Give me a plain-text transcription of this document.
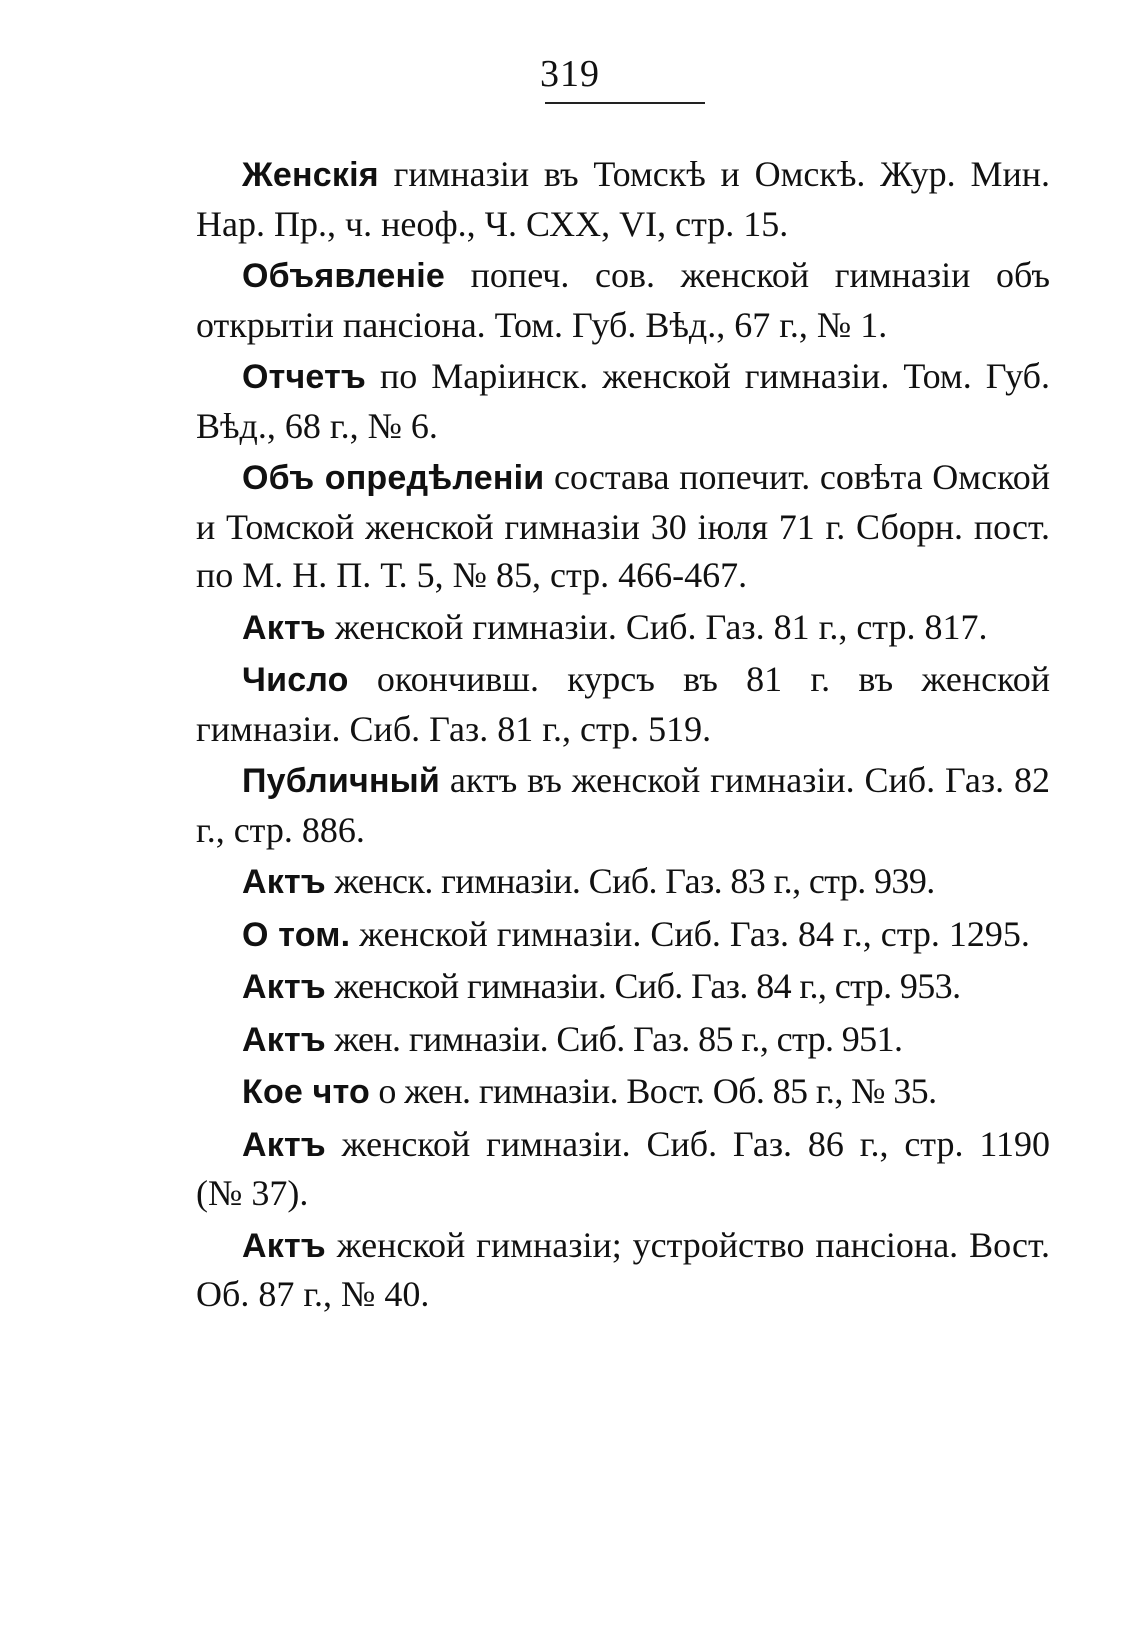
319

Женскія гимназіи въ Томскѣ и Омскѣ. Жур. Мин. Нар. Пр., ч. неоф., Ч. СХХ, VI, стр. 15.

Объявленіе попеч. сов. женской гимназіи объ открытіи пансіона. Том. Губ. Вѣд., 67 г., № 1.

Отчетъ по Маріинск. женской гимназіи. Том. Губ. Вѣд., 68 г., № 6.

Объ опредѣленіи состава попечит. совѣта Омской и Томской женской гимназіи 30 іюля 71 г. Сборн. пост. по М. Н. П. Т. 5, № 85, стр. 466-467.

Актъ женской гимназіи. Сиб. Газ. 81 г., стр. 817.

Число окончивш. курсъ въ 81 г. въ женской гимназіи. Сиб. Газ. 81 г., стр. 519.

Публичный актъ въ женской гимназіи. Сиб. Газ. 82 г., стр. 886.

Актъ женск. гимназіи. Сиб. Газ. 83 г., стр. 939.

О том. женской гимназіи. Сиб. Газ. 84 г., стр. 1295.

Актъ женской гимназіи. Сиб. Газ. 84 г., стр. 953.

Актъ жен. гимназіи. Сиб. Газ. 85 г., стр. 951.

Кое что о жен. гимназіи. Вост. Об. 85 г., № 35.

Актъ женской гимназіи. Сиб. Газ. 86 г., стр. 1190 (№ 37).

Актъ женской гимназіи; устройство пансіона. Вост. Об. 87 г., № 40.
